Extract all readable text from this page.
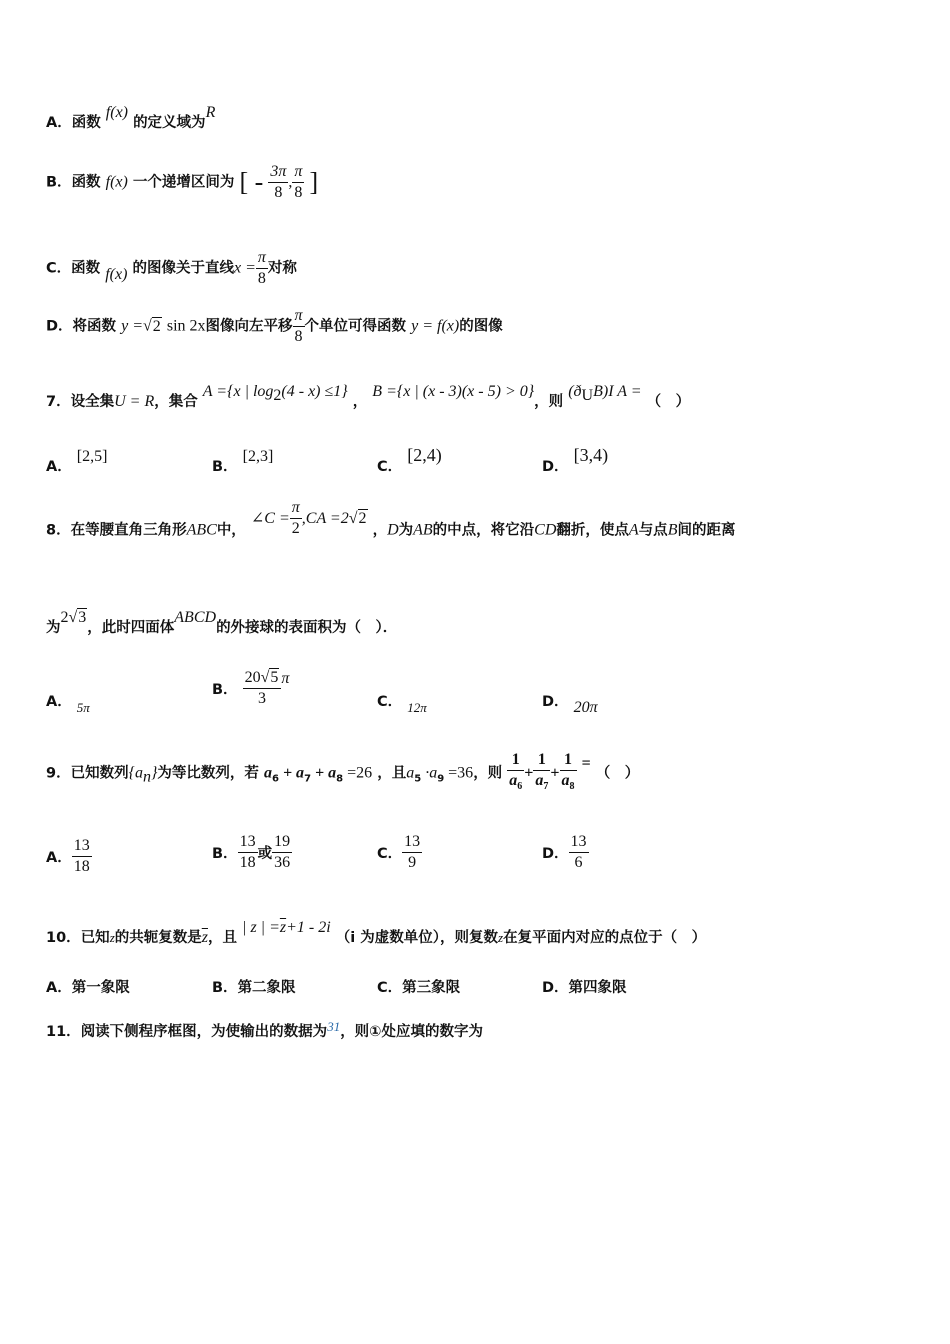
A．函数 f(x) 的定义域为R
B．函数 f(x) 一个递增区间为 [ - $\frac{3\pi}{8}$ , $\frac{\pi}{8}$ ]
C．函数 f(x) 的图像关于直线$x = \frac{\pi}{8}$ 对称
D．将函数 y =√2 sin 2x图像向左平移 $\frac{\pi}{8}$ 个单位可得函数 y = f(x)的图像
7．设全集U = R，集合 A ={x | $\log_2(4 - x) \le 1$} ， B ={x | (x - 3)(x - 5) > 0}，则 $(ð_UB)I$ A = （　）
A． [2,5]
B． [2,3]
C． [2,4)
D． [3,4)
8．在等腰直角三角形ABC中， ∠C = $\frac{\pi}{2} ,CA =2√2$ ，D为AB的中点，将它沿CD翻折，使点A与点B间的距离
为2√3，此时四面体ABCD的外接球的表面积为（　）．
A． 5π
B． $\frac{20√5}{3}$ π
C． 12π	D． 20π
9．已知数列$\{a_n\}$为等比数列，若 $a_6 + a_7 + a_8 =26$ ，且$a_5 \cdot a_9 =36$，则 $\frac{1}{a_6} + \frac{1}{a_7} + \frac{1}{a_8}$ = （　）
A． $\frac{13}{18}$	B． $\frac{13}{18}$ 或 $\frac{19}{36}$	C． $\frac{13}{9}$	D． $\frac{13}{6}$
10．已知z的共轭复数是$\overline{z}$，且 | z | $=\overline{z}+1 - 2i$ （i 为虚数单位），则复数z在复平面内对应的点位于（　）
A．第一象限	B．第二象限	C．第三象限	D．第四象限
11．阅读下侧程序框图，为使输出的数据为31，则①处应填的数字为
